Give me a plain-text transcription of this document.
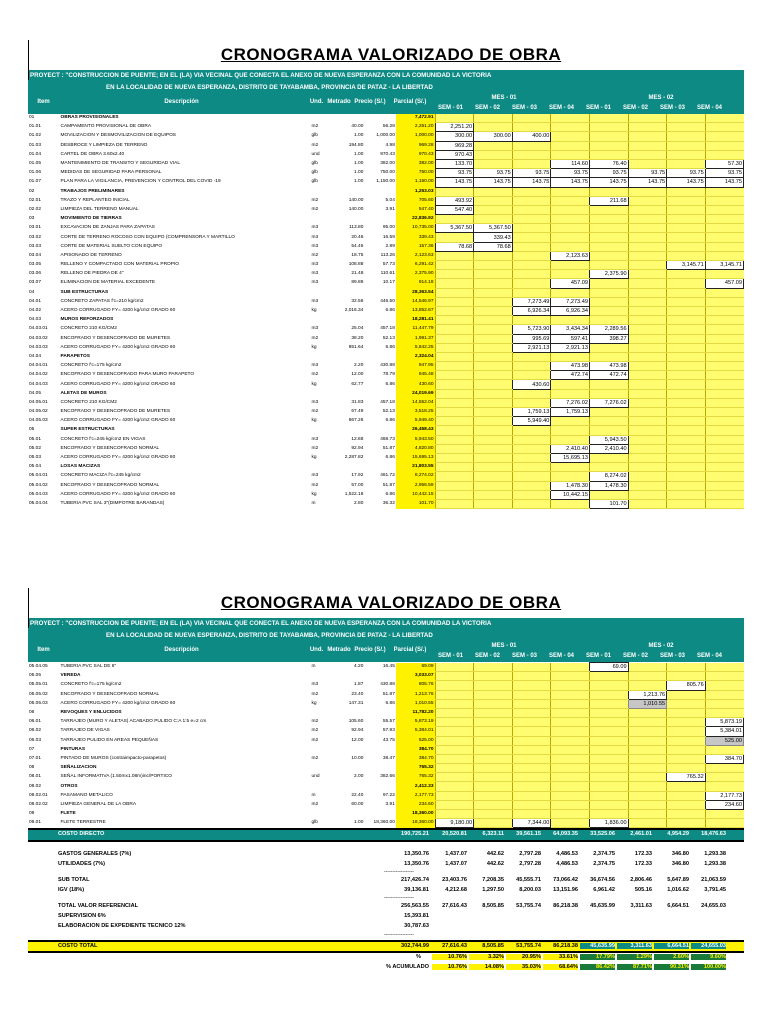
CRONOGRAMA VALORIZADO DE OBRA
PROYECT : "CONSTRUCCION DE PUENTE; EN EL (LA) VIA VECINAL QUE CONECTA EL ANEXO DE NUEVA ESPERANZA CON LA COMUNIDAD LA VICTORIA
EN LA LOCALIDAD DE NUEVA ESPERANZA, DISTRITO DE TAYABAMBA, PROVINCIA DE PATAZ - LA LIBERTAD
Item	Descripción	Und. Metrado Precio (S/.)	Parcial (S/.)
MES - 01	MES - 02
SEM - 01	SEM - 02	SEM - 03	SEM - 04	SEM - 01	SEM - 02	SEM - 03	SEM - 04
01	OBRAS PROVISIONALES				7,472.91								
01.01	CAMPAMENTO PROVISIONAL DE OBRA	m2	40.00	56.28	2,251.20	2,251.20							
01.02	MOVILIZACION Y DESMOVILIZACION DE EQUIPOS	glb	1.00	1,000.00	1,000.00	300.00	300.00	400.00					
01.03	DESBROCE Y LIMPIEZA DE TERRENO	m2	194.80	4.98	969.28	969.28							
01.04	CARTEL DE OBRA 3.60x2.40	und	1.00	970.43	970.43	970.43							
01.05	MANTENIMIENTO DE TRANSITO Y SEGURIDAD VIAL	glb	1.00	382.00	382.00	133.70			114.60	76.40			57.30
01.06	MEDIDAS DE SEGURIDAD PARA PERSONAL	glb	1.00	750.00	750.00	93.75	93.75	93.75	93.75	93.75	93.75	93.75	93.75
01.07	PLAN PARA LA VIGILANCIA, PREVENCION Y CONTROL DEL COVID -19	glb	1.00	1,150.00	1,150.00	143.75	143.75	143.75	143.75	143.75	143.75	143.75	143.75
02	TRABAJOS PRELIMINARES				1,253.03								
02.01	TRAZO Y REPLANTEO INICIAL	m2	140.00	5.04	705.60	493.92				211.68			
02.02	LIMPIEZA DEL TERRENO MANUAL	m2	140.00	3.91	547.40	547.40							
03	MOVIMIENTO DE TIERRAS				22,836.92								
03.01	EXCAVACION DE ZANJAS PARA ZAPATAS	m3	113.80	95.00	10,735.00	5,367.50	5,367.50						
03.02	CORTE DE TERRENO ROCOSO CON EQUIPO (COMPRENSORA Y MARTILLO	m3	20.46	16.59	339.43		339.43						
03.03	CORTE DE MATERIAL SUELTO CON EQUIPO	m3	54.45	2.89	157.36	78.68	78.68						
03.04	APISONADO DE TERRENO	m2	18.75	113.26	2,123.63				2,123.63				
03.05	RELLENO Y COMPACTADO CON MATERIAL PROPIO	m3	108.88	57.73	6,291.42							3,145.71	3,145.71
03.06	RELLENO DE PIEDRA DE 4"	m3	21.48	110.61	2,375.90					2,375.90			
03.07	ELIMINACION DE MATERIAL EXCEDENTE	m3	89.89	10.17	914.18				457.09				457.09
04	SUB ESTRUCTURAS				28,363.54								
04.01	CONCRETO ZAPATAS f'c=210 kg/cm2	m3	32.56	446.50	14,546.97			7,273.49	7,273.49				
04.02	ACERO CORRUGADO FY= 4200 kg/cm2 GRADO 60	kg	2,016.34	6.86	13,852.67			6,926.34	6,926.34				
04.03	MUROS REFORZADOS				18,281.41								
04.03.01	CONCRETO 210 KG/CM2	m3	25.04	457.18	11,447.79			5,723.90	3,434.34	2,289.56			
04.03.02	ENCOFRADO Y DESENCOFRADO DE MURETES	m2	38.20	52.13	1,991.37			995.69	597.41	398.27			
04.03.03	ACERO CORRUGADO FY= 4200 kg/cm2 GRADO 60	kg	851.64	6.86	5,842.25			2,921.13	2,921.13				
04.04	PARAPETOS				2,324.04								
04.04.01	CONCRETO f'c=175 kg/cm2	m3	2.20	430.88	947.95				473.98	473.98			
04.04.02	ENCOFRADO Y DESENCOFRADO PARA MURO PARAPETO	m2	12.00	78.79	945.48				472.74	472.74			
04.04.03	ACERO CORRUGADO FY= 4200 kg/cm2 GRADO 60	kg	62.77	6.86	430.60			430.60					
04.05	ALETAS DE MUROS				24,019.69								
04.05.01	CONCRETO 210 KG/CM2	m3	31.83	457.18	14,552.04				7,276.02	7,276.02			
04.05.02	ENCOFRADO Y DESENCOFRADO DE MURETES	m2	67.49	52.13	3,518.25			1,759.13	1,759.13				
04.05.03	ACERO CORRUGADO FY= 4200 kg/cm2 GRADO 60	kg	867.26	6.86	5,949.40			5,949.40					
05	SUPER ESTRUCTURAS				26,458.43								
05.01	CONCRETO f'c=245 kg/cm2 EN VIGAS	m3	12.68	468.73	5,943.50					5,943.50			
05.02	ENCOFRADO Y DESENCOFRADO NORMAL	m2	92.94	51.87	4,820.80				2,410.40	2,410.40			
05.03	ACERO CORRUGADO FY= 4200 kg/cm2 GRADO 60	kg	2,287.82	6.86	15,695.13				15,695.13				
05.04	LOSAS MACIZAS				21,803.55								
05.04.01	CONCRETO MACIZA f'c=245 kg/cm2	m3	17.92	461.72	8,274.02					8,274.02			
05.04.02	ENCOFRADO Y DESENCOFRADO NORMAL	m2	57.00	51.87	2,956.59				1,478.30	1,478.30			
05.04.03	ACERO CORRUGADO FY= 4200 kg/cm2 GRADO 60	kg	1,522.18	6.86	10,442.15				10,442.15				
05.04.04	TUBERIA PVC SAL 3"(DIMPOTRE BARANDAS)	m	2.80	36.32	101.70					101.70			
CRONOGRAMA VALORIZADO DE OBRA
PROYECT : "CONSTRUCCION DE PUENTE; EN EL (LA) VIA VECINAL QUE CONECTA EL ANEXO DE NUEVA ESPERANZA CON LA COMUNIDAD LA VICTORIA
EN LA LOCALIDAD DE NUEVA ESPERANZA, DISTRITO DE TAYABAMBA, PROVINCIA DE PATAZ - LA LIBERTAD
Item	Descripción	Und. Metrado Precio (S/.)	Parcial (S/.)
MES - 01	MES - 02
SEM - 01	SEM - 02	SEM - 03	SEM - 04	SEM - 01	SEM - 02	SEM - 03	SEM - 04
05.04.05	TUBERIA PVC SAL DE 6"	m	4.20	16.45	69.09					69.09			
05.05	VEREDA				3,033.07								
05.05.01	CONCRETO f'c=175 kg/cm2	m3	1.87	430.88	805.76							805.76	
05.05.02	ENCOFRADO Y DESENCOFRADO NORMAL	m2	23.40	51.87	1,213.76						1,213.76		
05.05.03	ACERO CORRUGADO FY= 4200 kg/cm2 GRADO 60	kg	147.31	6.86	1,010.55						1,010.55		
06	REVOQUES Y ENLUCIDOS				11,782.20								
06.01	TARRAJEO (MURO Y ALETAS) ACABADO PULIDO C:A 1:5 e=2 cm	m2	105.60	55.57	5,873.19								5,873.19
06.02	TARRAJEO DE VIGAS	m2	92.94	57.93	5,384.01								5,384.01
06.03	TARRAJEO PULIDO EN AREAS PEQUEÑAS	m2	12.00	43.75	525.00								525.00
07	PINTURAS				384.70								
07.01	PINTADO DE MUROS (contraimpacto-parapetos)	m2	10.00	38.47	384.70								384.70
08	SEÑALIZACION				765.32								
08.01	SEÑAL INFORMATIVA (1.50mx1.08m)inc/PORTICO	und	2.00	382.66	765.32							765.32	
08.02	OTROS				2,412.33								
08.02.01	PASAMANO METALICO	m	22.40	97.22	2,177.73								2,177.73
08.02.02	LIMPIEZA GENERAL DE LA OBRA	m2	60.00	3.91	234.60								234.60
09	FLETE				18,360.00								
09.01	FLETE TERRESTRE	glb	1.00	18,360.00	18,360.00	9,180.00		7,344.00		1,836.00			
COSTO DIRECTO	190,725.21	20,520.81	6,323.11	39,561.15	64,093.35	33,525.06	2,461.01	4,954.29	18,476.63
GASTOS GENERALES (7%)	13,350.76	1,437.07	442.62	2,797.28	4,486.53	2,374.75	172.33	346.80	1,293.38
UTILIDADES (7%)	13,350.76	1,437.07	442.62	2,797.28	4,486.53	2,374.75	172.33	346.80	1,293.38
------------------
SUB TOTAL	217,426.74	23,403.76	7,208.35	45,555.71	73,066.42	36,674.56	2,806.46	5,647.89	21,063.59
IGV (18%)	39,136.81	4,212.68	1,297.50	8,200.03	13,151.96	6,961.42	505.16	1,016.62	3,791.45
------------------
TOTAL VALOR REFERENCIAL	256,563.55	27,616.43	8,505.85	53,755.74	86,218.38	45,635.99	3,311.63	6,664.51	24,655.03
SUPERVISION 6%	15,393.81
ELABORACION DE EXPEDIENTE TECNICO 12%	30,787.63
------------------
COSTO TOTAL	302,744.99	27,616.43	8,505.85	53,755.74	86,218.38	45,635.99	3,311.63	6,664.51	24,655.03
%	10.76%	3.32%	20.95%	33.61%	17.79%	1.29%	2.60%	9.60%
% ACUMULADO	10.76%	14.08%	35.03%	68.64%	86.42%	87.71%	90.31%	100.00%
